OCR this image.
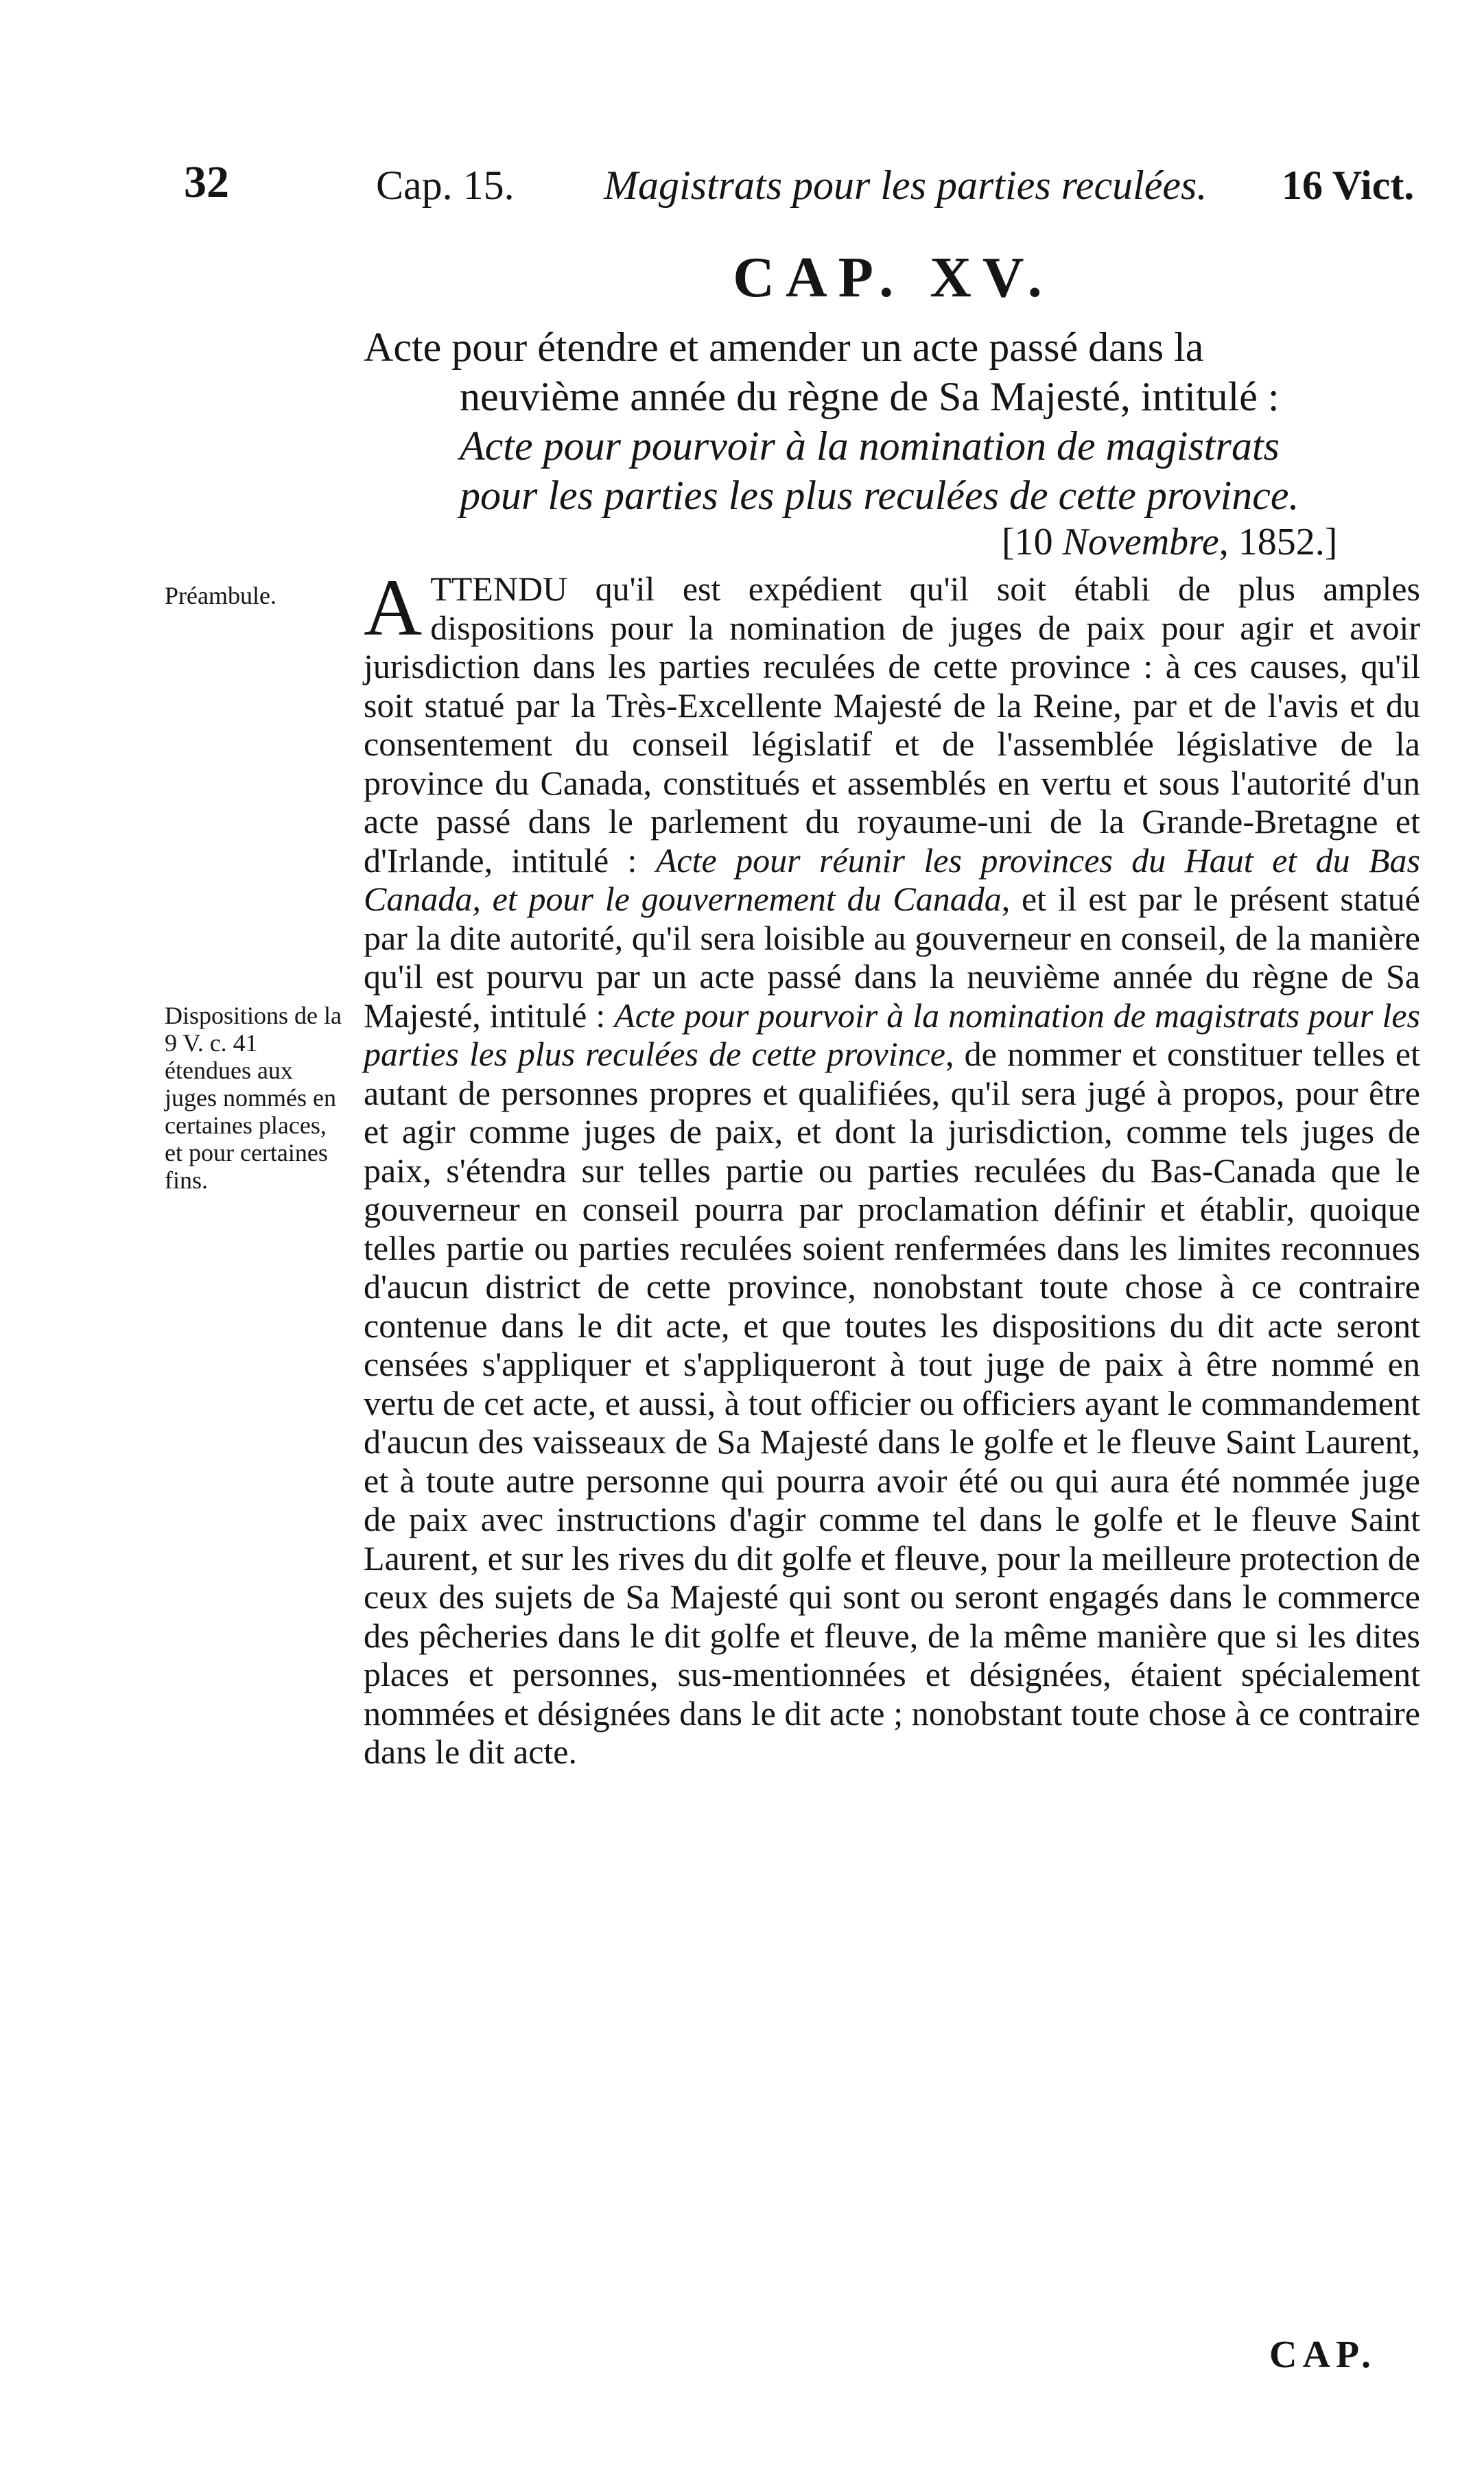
32	Cap. 15. Magistrats pour les parties reculées. 16 Vict.
CAP. XV.
Acte pour étendre et amender un acte passé dans la
neuvième année du règne de Sa Majesté, intitulé :
Acte pour pourvoir à la nomination de magistrats
pour les parties les plus reculées de cette province.
[10 Novembre, 1852.]
Préambule.
Dispositions de la 9 V. c. 41 étendues aux juges nommés en certaines places, et pour certaines fins.

ATTENDU qu'il est expédient qu'il soit établi de plus amples dispositions pour la nomination de juges de paix pour agir et avoir jurisdiction dans les parties reculées de cette province : à ces causes, qu'il soit statué par la Très-Excellente Majesté de la Reine, par et de l'avis et du consentement du conseil législatif et de l'assemblée législative de la province du Canada, constitués et assemblés en vertu et sous l'autorité d'un acte passé dans le parlement du royaume-uni de la Grande-Bretagne et d'Irlande, intitulé : Acte pour réunir les provinces du Haut et du Bas Canada, et pour le gouvernement du Canada, et il est par le présent statué par la dite autorité, qu'il sera loisible au gouverneur en conseil, de la manière qu'il est pourvu par un acte passé dans la neuvième année du règne de Sa Majesté, intitulé : Acte pour pourvoir à la nomination de magistrats pour les parties les plus reculées de cette province, de nommer et constituer telles et autant de personnes propres et qualifiées, qu'il sera jugé à propos, pour être et agir comme juges de paix, et dont la jurisdiction, comme tels juges de paix, s'étendra sur telles partie ou parties reculées du Bas-Canada que le gouverneur en conseil pourra par proclamation définir et établir, quoique telles partie ou parties reculées soient renfermées dans les limites reconnues d'aucun district de cette province, nonobstant toute chose à ce contraire contenue dans le dit acte, et que toutes les dispositions du dit acte seront censées s'appliquer et s'appliqueront à tout juge de paix à être nommé en vertu de cet acte, et aussi, à tout officier ou officiers ayant le commandement d'aucun des vaisseaux de Sa Majesté dans le golfe et le fleuve Saint Laurent, et à toute autre personne qui pourra avoir été ou qui aura été nommée juge de paix avec instructions d'agir comme tel dans le golfe et le fleuve Saint Laurent, et sur les rives du dit golfe et fleuve, pour la meilleure protection de ceux des sujets de Sa Majesté qui sont ou seront engagés dans le commerce des pêcheries dans le dit golfe et fleuve, de la même manière que si les dites places et personnes, sus-mentionnées et désignées, étaient spécialement nommées et désignées dans le dit acte ; nonobstant toute chose à ce contraire dans le dit acte.

CAP.
